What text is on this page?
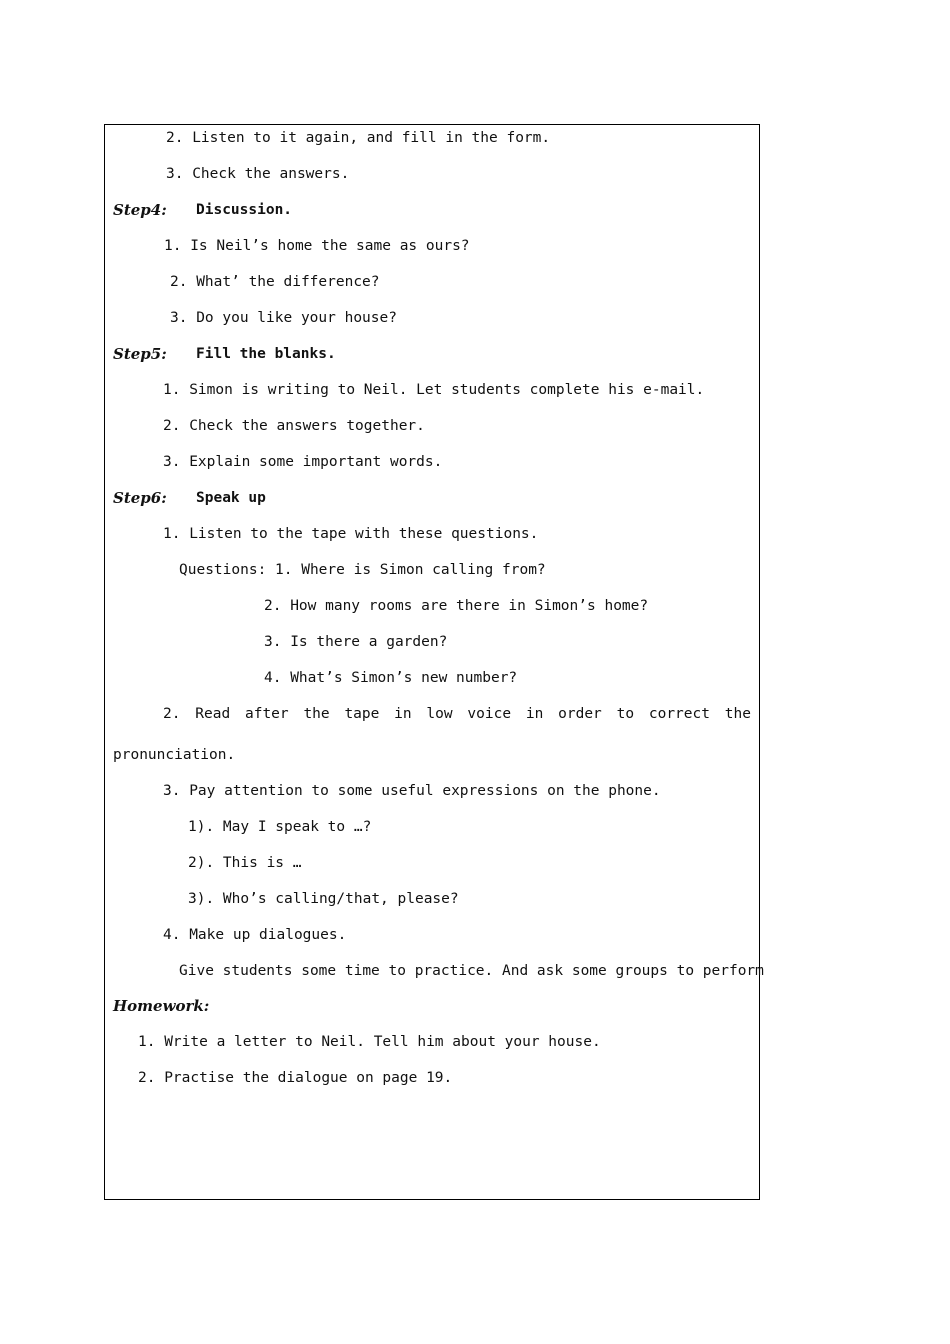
2. Listen to it again, and fill in the form.
3. Check the answers.
Step4: Discussion.
1. Is Neil’s home the same as ours?
2. What’ the difference?
3. Do you like your house?
Step5: Fill the blanks.
1. Simon is writing to Neil. Let students complete his e-mail.
2. Check the answers together.
3. Explain some important words.
Step6: Speak up
1. Listen to the tape with these questions.
Questions: 1. Where is Simon calling from?
2. How many rooms are there in Simon’s home?
3. Is there a garden?
4. What’s Simon’s new number?
2. Read after the tape in low voice in order to correct the
pronunciation.
3. Pay attention to some useful expressions on the phone.
1). May I speak to …?
2). This is …
3). Who’s calling/that, please?
4. Make up dialogues.
Give students some time to practice. And ask some groups to perform
Homework:
1. Write a letter to Neil. Tell him about your house.
2. Practise the dialogue on page 19.
